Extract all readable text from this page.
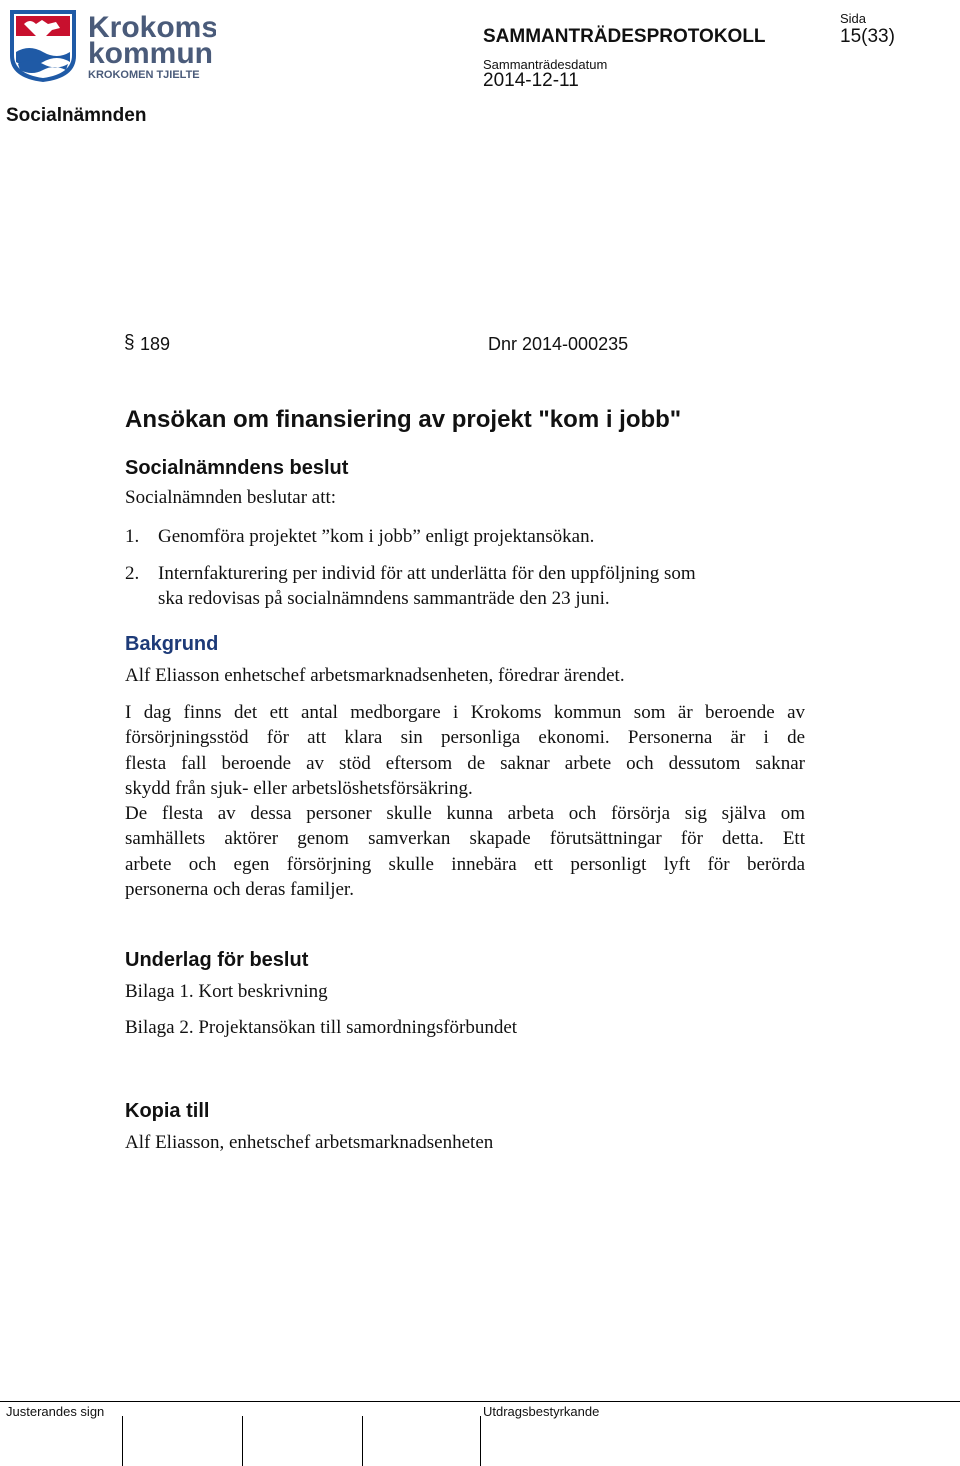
Krokoms
kommun
KROKOMEN TJIELTE
SAMMANTRÄDESPROTOKOLL
Sammanträdesdatum
2014-12-11
Sida
15(33)
Socialnämnden
§ 189	Dnr 2014-000235
Ansökan om finansiering av projekt "kom i jobb"
Socialnämndens beslut
Socialnämnden beslutar att:
1. Genomföra projektet ”kom i jobb” enligt projektansökan.
2. Internfakturering per individ för att underlätta för den uppföljning som
ska redovisas på socialnämndens sammanträde den 23 juni.
Bakgrund
Alf Eliasson enhetschef arbetsmarknadsenheten, föredrar ärendet.
I dag finns det ett antal medborgare i Krokoms kommun som är beroende av
försörjningsstöd för att klara sin personliga ekonomi. Personerna är i de
flesta fall beroende av stöd eftersom de saknar arbete och dessutom saknar
skydd från sjuk- eller arbetslöshetsförsäkring.
De flesta av dessa personer skulle kunna arbeta och försörja sig själva om
samhällets aktörer genom samverkan skapade förutsättningar för detta. Ett
arbete och egen försörjning skulle innebära ett personligt lyft för berörda
personerna och deras familjer.
Underlag för beslut
Bilaga 1. Kort beskrivning
Bilaga 2. Projektansökan till samordningsförbundet
Kopia till
Alf Eliasson, enhetschef arbetsmarknadsenheten
Justerandes sign	Utdragsbestyrkande
